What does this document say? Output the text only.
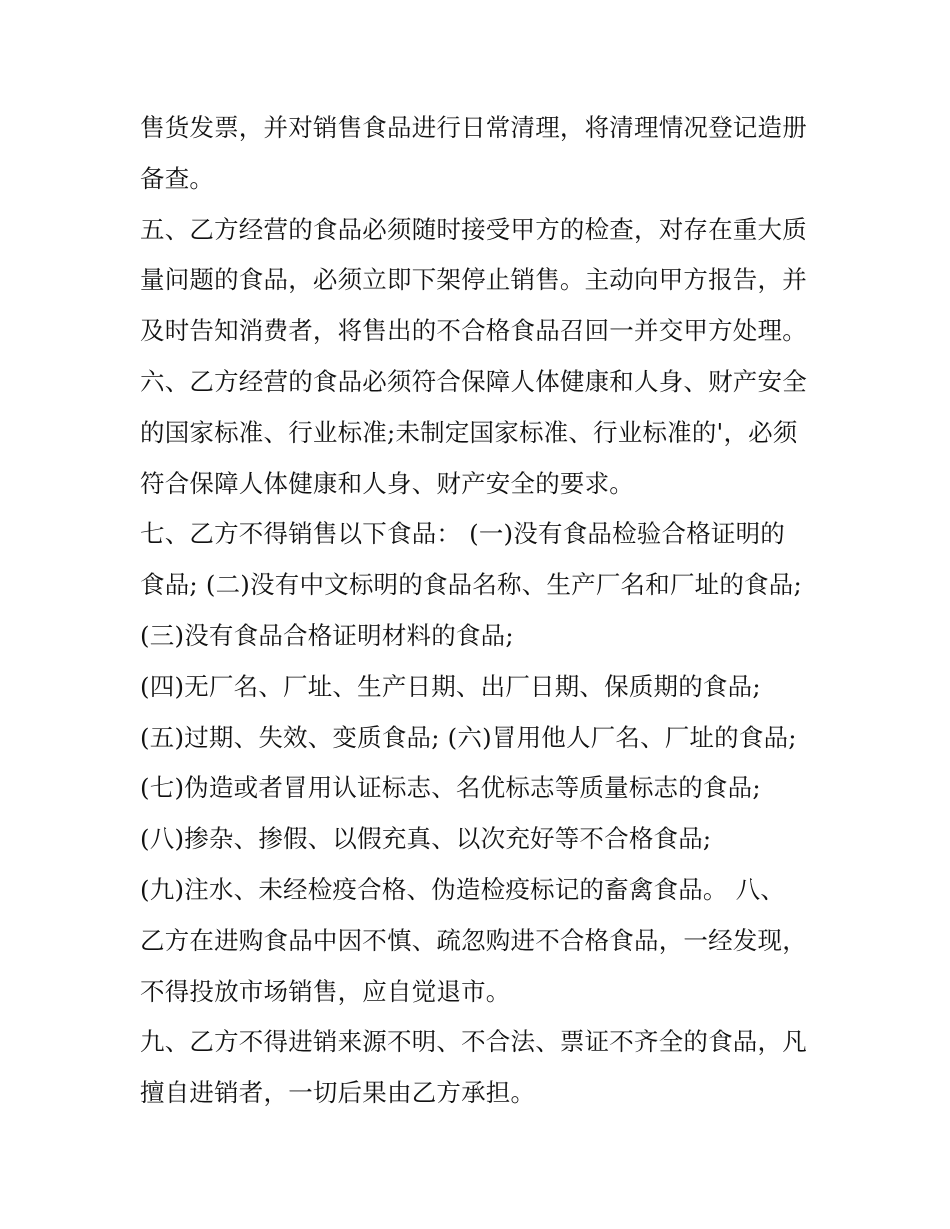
售货发票，并对销售食品进行日常清理，将清理情况登记造册
备查。
五、乙方经营的食品必须随时接受甲方的检查，对存在重大质
量问题的食品，必须立即下架停止销售。主动向甲方报告，并
及时告知消费者，将售出的不合格食品召回一并交甲方处理。
六、乙方经营的食品必须符合保障人体健康和人身、财产安全
的国家标准、行业标准;未制定国家标准、行业标准的'，必须
符合保障人体健康和人身、财产安全的要求。
七、乙方不得销售以下食品： (一)没有食品检验合格证明的
食品; (二)没有中文标明的食品名称、生产厂名和厂址的食品;
(三)没有食品合格证明材料的食品;
(四)无厂名、厂址、生产日期、出厂日期、保质期的食品;
(五)过期、失效、变质食品; (六)冒用他人厂名、厂址的食品;
(七)伪造或者冒用认证标志、名优标志等质量标志的食品;
(八)掺杂、掺假、以假充真、以次充好等不合格食品;
(九)注水、未经检疫合格、伪造检疫标记的畜禽食品。 八、
乙方在进购食品中因不慎、疏忽购进不合格食品，一经发现，
不得投放市场销售，应自觉退市。
九、乙方不得进销来源不明、不合法、票证不齐全的食品，凡
擅自进销者，一切后果由乙方承担。
